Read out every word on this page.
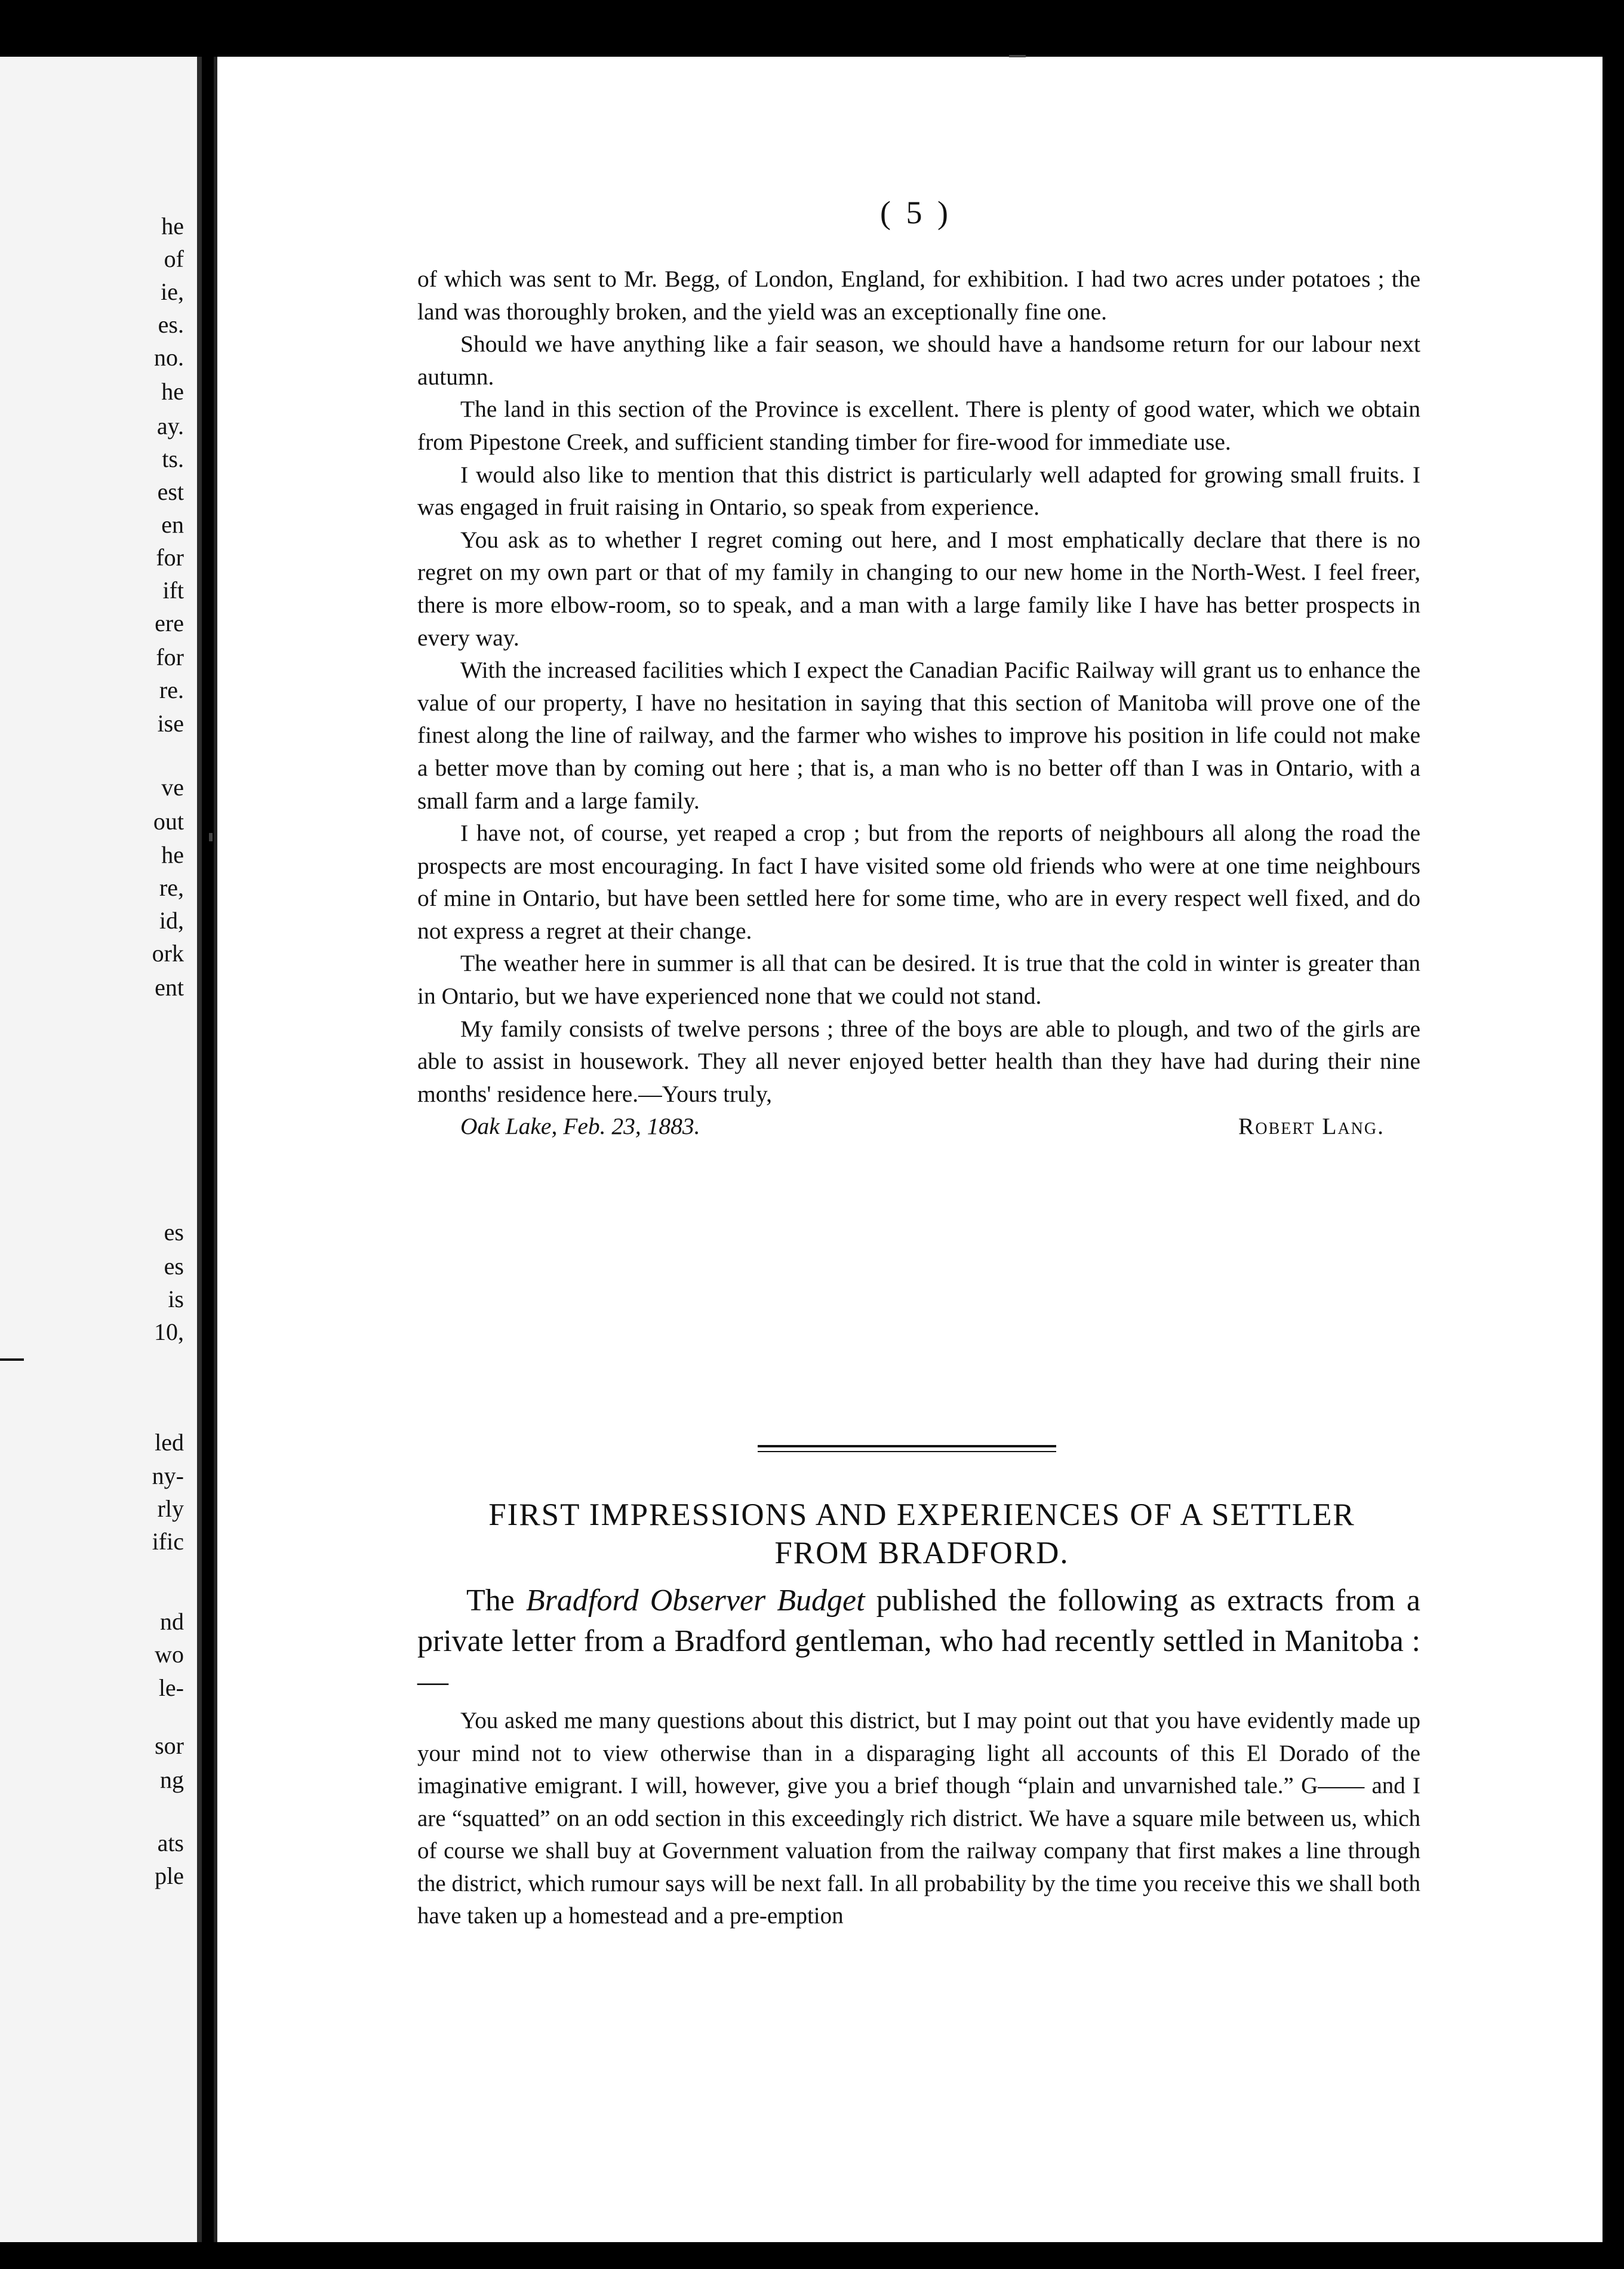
he
of
ie,
es.
no.
he
ay.
ts.
est
en
for
ift
ere
for
re.
ise
ve
out
he
re,
id,
ork
ent
es
es
is
10,
led
ny-
rly
ific
nd
wo
le-
sor
ng
ats
ple
( 5 )

of which was sent to Mr. Begg, of London, England, for exhibition. I had two acres under potatoes ; the land was thoroughly broken, and the yield was an exceptionally fine one.

Should we have anything like a fair season, we should have a handsome return for our labour next autumn.

The land in this section of the Province is excellent. There is plenty of good water, which we obtain from Pipestone Creek, and sufficient standing timber for fire-wood for immediate use.

I would also like to mention that this district is particularly well adapted for growing small fruits. I was engaged in fruit raising in Ontario, so speak from experience.

You ask as to whether I regret coming out here, and I most emphatically declare that there is no regret on my own part or that of my family in changing to our new home in the North-West. I feel freer, there is more elbow-room, so to speak, and a man with a large family like I have has better prospects in every way.

With the increased facilities which I expect the Canadian Pacific Railway will grant us to enhance the value of our property, I have no hesitation in saying that this section of Manitoba will prove one of the finest along the line of railway, and the farmer who wishes to improve his position in life could not make a better move than by coming out here ; that is, a man who is no better off than I was in Ontario, with a small farm and a large family.

I have not, of course, yet reaped a crop ; but from the reports of neighbours all along the road the prospects are most encouraging. In fact I have visited some old friends who were at one time neighbours of mine in Ontario, but have been settled here for some time, who are in every respect well fixed, and do not express a regret at their change.

The weather here in summer is all that can be desired. It is true that the cold in winter is greater than in Ontario, but we have experienced none that we could not stand.

My family consists of twelve persons ; three of the boys are able to plough, and two of the girls are able to assist in housework. They all never enjoyed better health than they have had during their nine months' residence here.—Yours truly,

Oak Lake, Feb. 23, 1883.	Robert Lang.
FIRST IMPRESSIONS AND EXPERIENCES OF A SETTLER
FROM BRADFORD.

The Bradford Observer Budget published the following as extracts from a private letter from a Bradford gentleman, who had recently settled in Manitoba :—

You asked me many questions about this district, but I may point out that you have evidently made up your mind not to view otherwise than in a disparaging light all accounts of this El Dorado of the imaginative emigrant. I will, however, give you a brief though “plain and unvarnished tale.” G—— and I are “squatted” on an odd section in this exceedingly rich district. We have a square mile between us, which of course we shall buy at Government valuation from the railway company that first makes a line through the district, which rumour says will be next fall. In all probability by the time you receive this we shall both have taken up a homestead and a pre-emption
